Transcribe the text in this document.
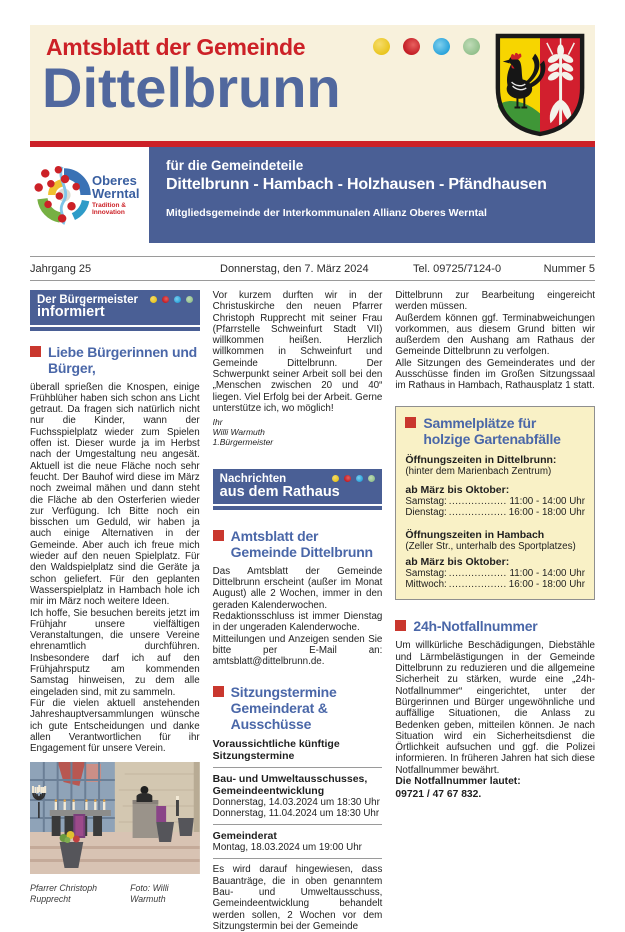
Amtsblatt der Gemeinde
Dittelbrunn
Oberes
Werntal
Tradition &
Innovation
für die Gemeindeteile
Dittelbrunn - Hambach - Holzhausen - Pfändhausen
Mitgliedsgemeinde der Interkommunalen Allianz Oberes Werntal
Jahrgang 25	Donnerstag, den 7. März 2024	Tel. 09725/7124-0	Nummer 5
Der Bürgermeister
informiert
Liebe Bürgerinnen und Bürger,

überall sprießen die Knospen, einige Frühblüher haben sich schon ans Licht getraut. Da fragen sich natürlich nicht nur die Kinder, wann der Fuchsspielplatz wieder zum Spielen offen ist. Dieser wurde ja im Herbst nach der Umgestaltung neu angesät. Aktuell ist die neue Fläche noch sehr feucht. Der Bauhof wird diese im März noch zweimal mähen und dann steht die Fläche ab den Osterferien wieder zur Verfügung. Ich Bitte noch ein bisschen um Geduld, wir haben ja auch einige Alternativen in der Gemeinde. Aber auch ich freue mich wieder auf den neuen Spielplatz. Für den Waldspielplatz sind die Geräte ja schon geliefert. Für den geplanten Wasserspielplatz in Hambach hole ich mir im März noch weitere Ideen.

Ich hoffe, Sie besuchen bereits jetzt im Frühjahr unsere vielfältigen Veranstaltungen, die unsere Vereine ehrenamtlich durchführen. Insbesondere darf ich auf den Frühjahrsputz am kommenden Samstag hinweisen, zu dem alle eingeladen sind, mit zu sammeln.

Für die vielen aktuell anstehenden Jahreshauptversammlungen wünsche ich gute Entscheidungen und danke allen Verantwortlichen für ihr Engagement für unsere Verein.

Pfarrer Christoph Rupprecht
Foto: Willi Warmuth

Vor kurzem durften wir in der Christuskirche den neuen Pfarrer Christoph Rupprecht mit seiner Frau (Pfarrstelle Schweinfurt Stadt VII) willkommen heißen. Herzlich willkommen in Schweinfurt und Gemeinde Dittelbrunn. Der Schwerpunkt seiner Arbeit soll bei den „Menschen zwischen 20 und 40“ liegen. Viel Erfolg bei der Arbeit. Gerne unterstütze ich, wo möglich!

Ihr
Willi Warmuth
1.Bürgermeister
Nachrichten
aus dem Rathaus
Amtsblatt der Gemeinde Dittelbrunn

Das Amtsblatt der Gemeinde Dittelbrunn erscheint (außer im Monat August) alle 2 Wochen, immer in den geraden Kalenderwochen.

Redaktionsschluss ist immer Dienstag in der ungeraden Kalenderwoche.

Mitteilungen und Anzeigen senden Sie bitte per E-Mail an: amtsblatt@dittelbrunn.de.

Sitzungstermine Gemeinderat & Ausschüsse
Voraussichtliche künftige Sitzungstermine
Bau- und Umweltausschusses, Gemeindeentwicklung
Donnerstag, 14.03.2024 um 18:30 Uhr
Donnerstag, 11.04.2024 um 18:30 Uhr
Gemeinderat
Montag, 18.03.2024 um 19:00 Uhr

Es wird darauf hingewiesen, dass Bauanträge, die in oben genanntem Bau- und Umweltausschuss, Gemeindeentwicklung behandelt werden sollen, 2 Wochen vor dem Sitzungstermin bei der Gemeinde

Dittelbrunn zur Bearbeitung eingereicht werden müssen.

Außerdem können ggf. Terminabweichungen vorkommen, aus diesem Grund bitten wir außerdem den Aushang am Rathaus der Gemeinde Dittelbrunn zu verfolgen.

Alle Sitzungen des Gemeinderates und der Ausschüsse finden im Großen Sitzungssaal im Rathaus in Hambach, Rathausplatz 1 statt.

Sammelplätze für holzige Gartenabfälle
Öffnungszeiten in Dittelbrunn:
(hinter dem Marienbach Zentrum)
ab März bis Oktober:
Samstag: .................. 11:00 - 14:00 Uhr
Dienstag: .................. 16:00 - 18:00 Uhr
Öffnungszeiten in Hambach

(Zeller Str., unterhalb des Sportplatzes)

ab März bis Oktober:
Samstag: .................. 11:00 - 14:00 Uhr
Mittwoch: .................. 16:00 - 18:00 Uhr
24h-Notfallnummer

Um willkürliche Beschädigungen, Diebstähle und Lärmbelästigungen in der Gemeinde Dittelbrunn zu reduzieren und die allgemeine Sicherheit zu stärken, wurde eine „24h-Notfallnummer“ eingerichtet, unter der Bürgerinnen und Bürger ungewöhnliche und auffällige Situationen, die Anlass zu Bedenken geben, mitteilen können. Je nach Situation wird ein Sicherheitsdienst die Örtlichkeit aufsuchen und ggf. die Polizei informieren. In früheren Jahren hat sich diese Notfallnummer bewährt.

Die Notfallnummer lautet:
09721 / 47 67 832.
